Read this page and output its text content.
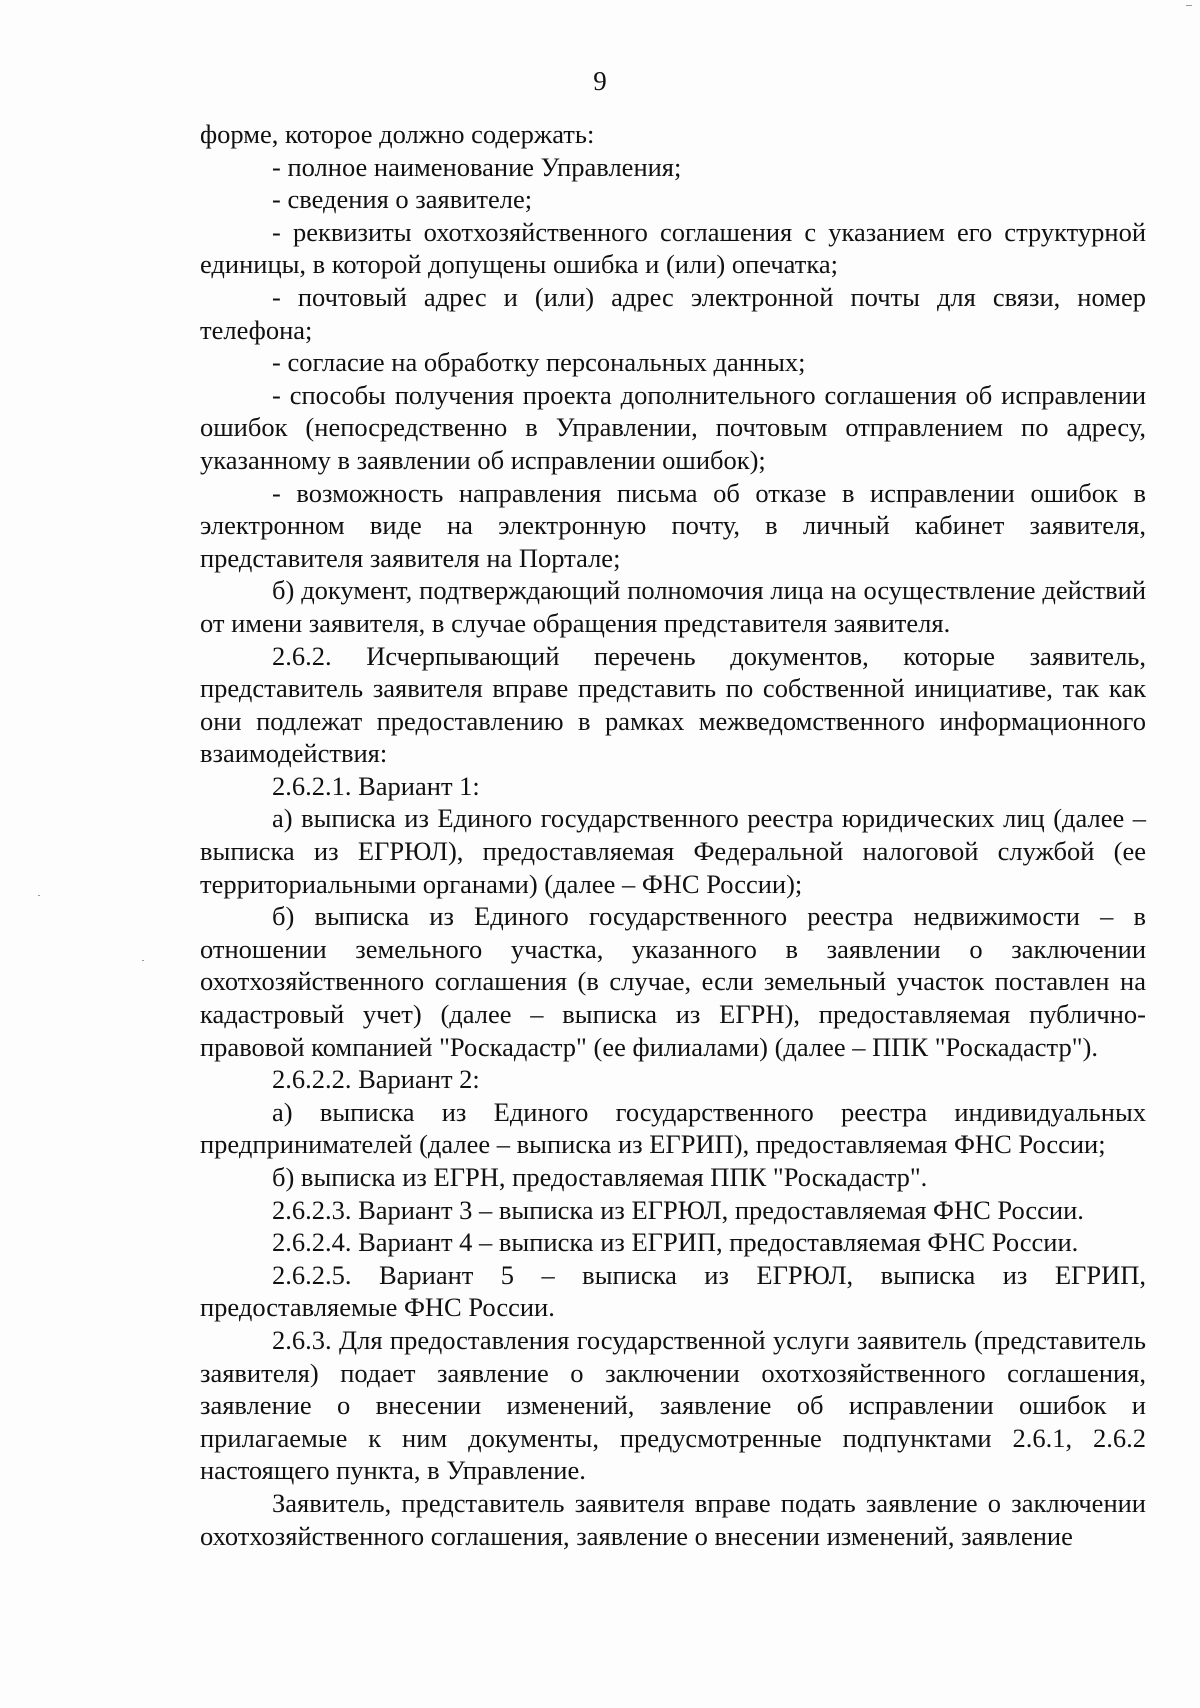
9

форме, которое должно содержать:

- полное наименование Управления;

- сведения о заявителе;

- реквизиты охотхозяйственного соглашения с указанием его структурной единицы, в которой допущены ошибка и (или) опечатка;

- почтовый адрес и (или) адрес электронной почты для связи, номер телефона;

- согласие на обработку персональных данных;

- способы получения проекта дополнительного соглашения об исправлении ошибок (непосредственно в Управлении, почтовым отправлением по адресу, указанному в заявлении об исправлении ошибок);

- возможность направления письма об отказе в исправлении ошибок в электронном виде на электронную почту, в личный кабинет заявителя, представителя заявителя на Портале;

б) документ, подтверждающий полномочия лица на осуществление действий от имени заявителя, в случае обращения представителя заявителя.

2.6.2. Исчерпывающий перечень документов, которые заявитель, представитель заявителя вправе представить по собственной инициативе, так как они подлежат предоставлению в рамках межведомственного информационного взаимодействия:

2.6.2.1. Вариант 1:

а) выписка из Единого государственного реестра юридических лиц (далее – выписка из ЕГРЮЛ), предоставляемая Федеральной налоговой службой (ее территориальными органами) (далее – ФНС России);

б) выписка из Единого государственного реестра недвижимости – в отношении земельного участка, указанного в заявлении о заключении охотхозяйственного соглашения (в случае, если земельный участок поставлен на кадастровый учет) (далее – выписка из ЕГРН), предоставляемая публично-правовой компанией "Роскадастр" (ее филиалами) (далее – ППК "Роскадастр").

2.6.2.2. Вариант 2:

а) выписка из Единого государственного реестра индивидуальных предпринимателей (далее – выписка из ЕГРИП), предоставляемая ФНС России;

б) выписка из ЕГРН, предоставляемая ППК "Роскадастр".

2.6.2.3. Вариант 3 – выписка из ЕГРЮЛ, предоставляемая ФНС России.

2.6.2.4. Вариант 4 – выписка из ЕГРИП, предоставляемая ФНС России.

2.6.2.5. Вариант 5 – выписка из ЕГРЮЛ, выписка из ЕГРИП, предоставляемые ФНС России.

2.6.3. Для предоставления государственной услуги заявитель (представитель заявителя) подает заявление о заключении охотхозяйственного соглашения, заявление о внесении изменений, заявление об исправлении ошибок и прилагаемые к ним документы, предусмотренные подпунктами 2.6.1, 2.6.2 настоящего пункта, в Управление.

Заявитель, представитель заявителя вправе подать заявление о заключении охотхозяйственного соглашения, заявление о внесении изменений, заявление
